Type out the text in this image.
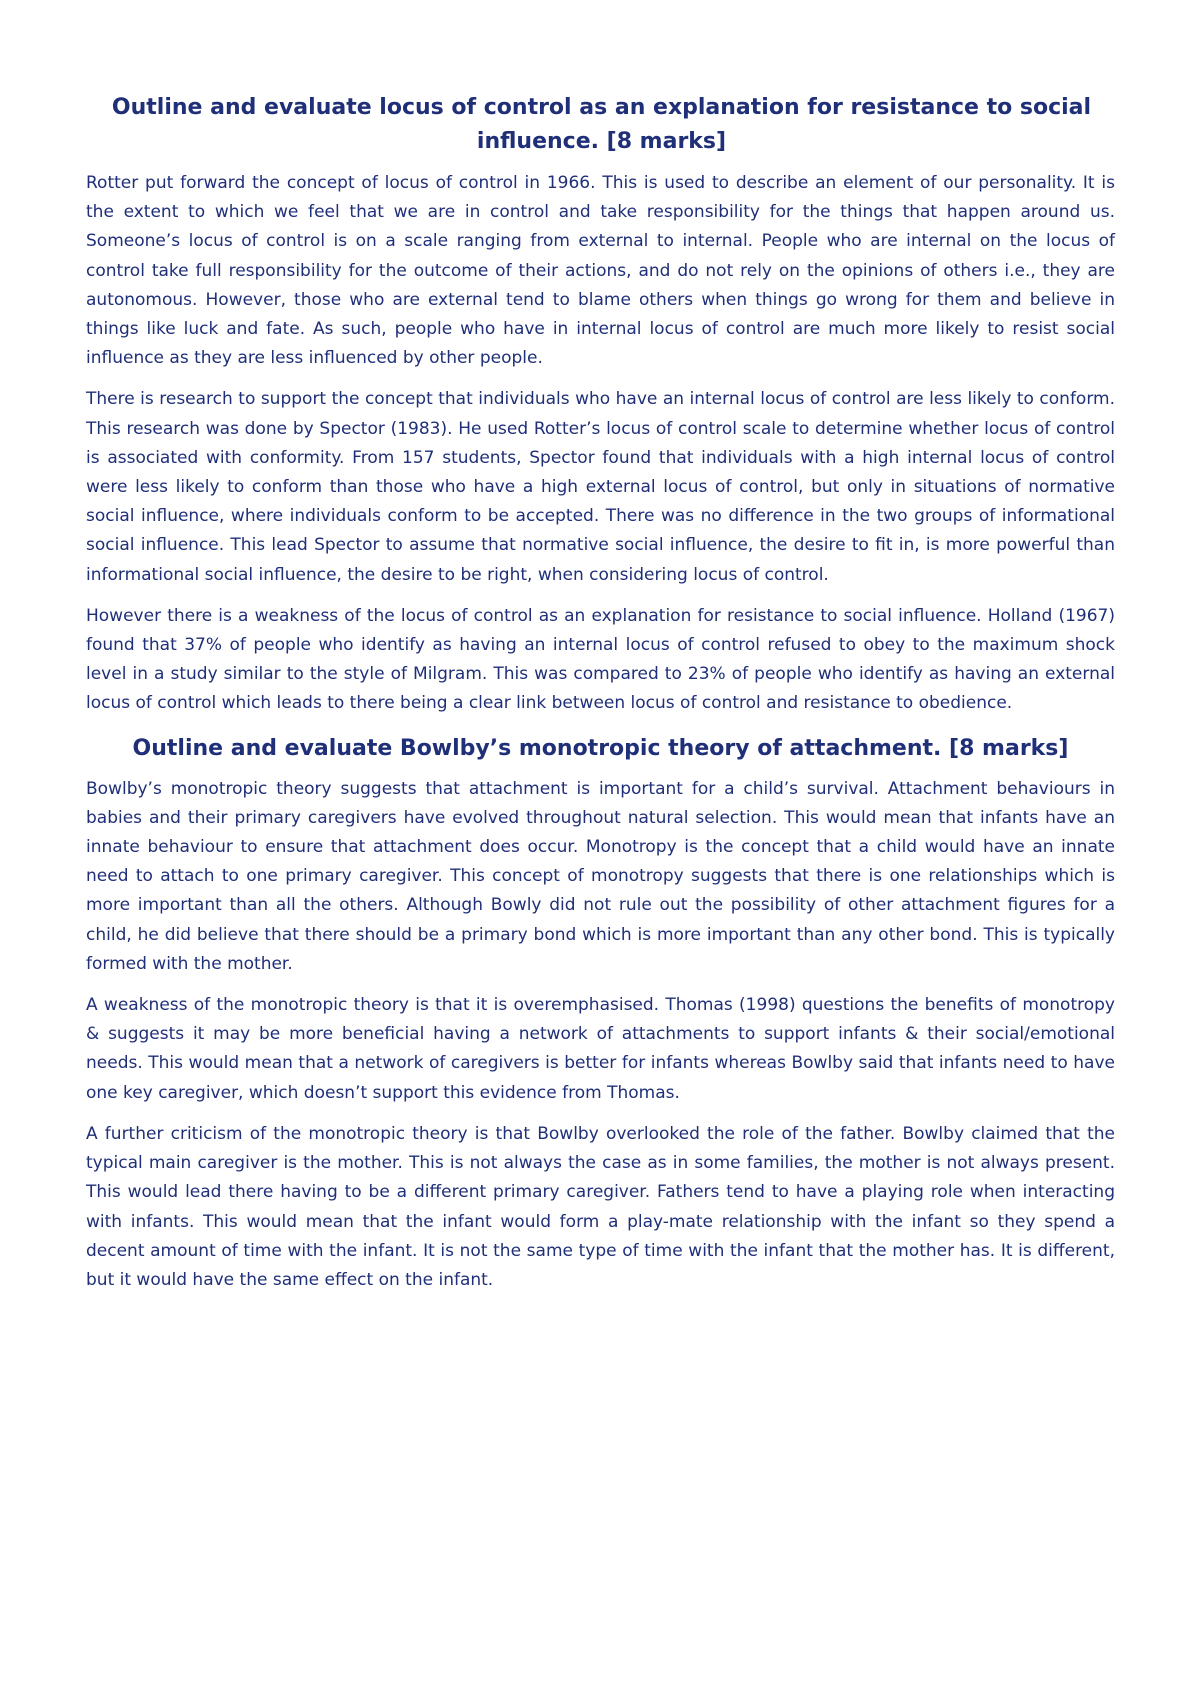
Outline and evaluate locus of control as an explanation for resistance to social influence. [8 marks]

Rotter put forward the concept of locus of control in 1966. This is used to describe an element of our personality. It is the extent to which we feel that we are in control and take responsibility for the things that happen around us. Someone’s locus of control is on a scale ranging from external to internal. People who are internal on the locus of control take full responsibility for the outcome of their actions, and do not rely on the opinions of others i.e., they are autonomous. However, those who are external tend to blame others when things go wrong for them and believe in things like luck and fate. As such, people who have in internal locus of control are much more likely to resist social influence as they are less influenced by other people.

There is research to support the concept that individuals who have an internal locus of control are less likely to conform. This research was done by Spector (1983). He used Rotter’s locus of control scale to determine whether locus of control is associated with conformity. From 157 students, Spector found that individuals with a high internal locus of control were less likely to conform than those who have a high external locus of control, but only in situations of normative social influence, where individuals conform to be accepted. There was no difference in the two groups of informational social influence. This lead Spector to assume that normative social influence, the desire to fit in, is more powerful than informational social influence, the desire to be right, when considering locus of control.

However there is a weakness of the locus of control as an explanation for resistance to social influence. Holland (1967) found that 37% of people who identify as having an internal locus of control refused to obey to the maximum shock level in a study similar to the style of Milgram. This was compared to 23% of people who identify as having an external locus of control which leads to there being a clear link between locus of control and resistance to obedience.

Outline and evaluate Bowlby’s monotropic theory of attachment. [8 marks]

Bowlby’s monotropic theory suggests that attachment is important for a child’s survival. Attachment behaviours in babies and their primary caregivers have evolved throughout natural selection. This would mean that infants have an innate behaviour to ensure that attachment does occur. Monotropy is the concept that a child would have an innate need to attach to one primary caregiver. This concept of monotropy suggests that there is one relationships which is more important than all the others. Although Bowly did not rule out the possibility of other attachment figures for a child, he did believe that there should be a primary bond which is more important than any other bond. This is typically formed with the mother.

A weakness of the monotropic theory is that it is overemphasised. Thomas (1998) questions the benefits of monotropy & suggests it may be more beneficial having a network of attachments to support infants & their social/emotional needs. This would mean that a network of caregivers is better for infants whereas Bowlby said that infants need to have one key caregiver, which doesn’t support this evidence from Thomas.

A further criticism of the monotropic theory is that Bowlby overlooked the role of the father. Bowlby claimed that the typical main caregiver is the mother. This is not always the case as in some families, the mother is not always present. This would lead there having to be a different primary caregiver. Fathers tend to have a playing role when interacting with infants. This would mean that the infant would form a play-mate relationship with the infant so they spend a decent amount of time with the infant. It is not the same type of time with the infant that the mother has. It is different, but it would have the same effect on the infant.
